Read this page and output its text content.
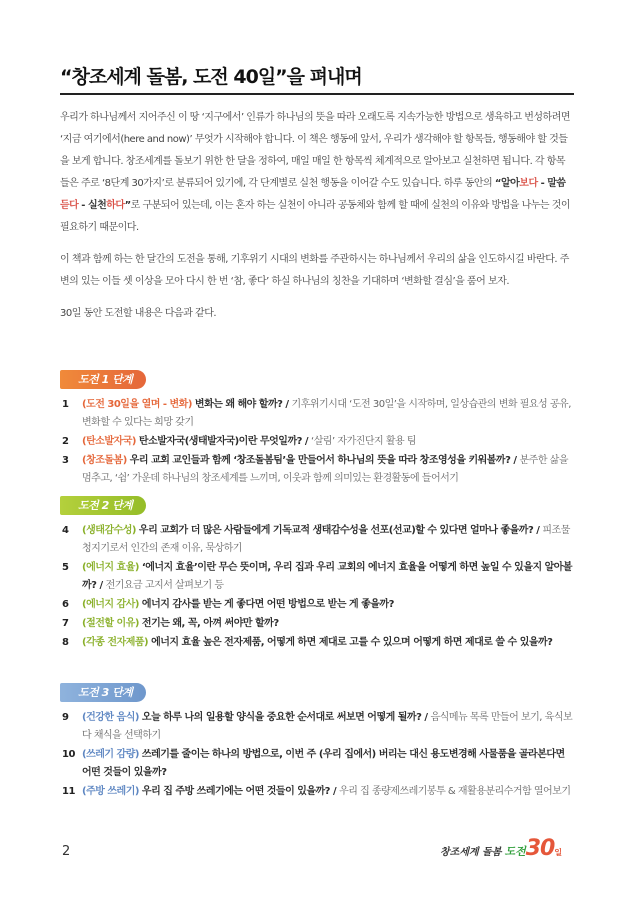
“창조세계 돌봄, 도전 40일”을 펴내며

우리가 하나님께서 지어주신 이 땅 ‘지구에서’ 인류가 하나님의 뜻을 따라 오래도록 지속가능한 방법으로 생육하고 번성하려면 ‘지금 여기에서(here and now)’ 무엇가 시작해야 합니다. 이 책은 행동에 앞서, 우리가 생각해야 할 항목들, 행동해야 할 것들을 보게 합니다. 창조세계를 돌보기 위한 한 달을 정하여, 매일 매일 한 항목씩 체계적으로 알아보고 실천하면 됩니다. 각 항목들은 주로 ‘8단계 30가지’로 분류되어 있기에, 각 단계별로 실천 행동을 이어갈 수도 있습니다. 하루 동안의 “알아보다 - 말씀듣다 - 실천하다”로 구분되어 있는데, 이는 혼자 하는 실천이 아니라 공동체와 함께 할 때에 실천의 이유와 방법을 나누는 것이 필요하기 때문이다.

이 책과 함께 하는 한 달간의 도전을 통해, 기후위기 시대의 변화를 주관하시는 하나님께서 우리의 삶을 인도하시길 바란다. 주변의 있는 이들 셋 이상을 모아 다시 한 번 ‘참, 좋다’ 하실 하나님의 칭찬을 기대하며 ‘변화할 결심’을 품어 보자.

30일 동안 도전할 내용은 다음과 같다.

도전 1 단계
1	(도전 30일을 열며 - 변화) 변화는 왜 해야 할까? / 기후위기시대 ‘도전 30일’을 시작하며, 일상습관의 변화 필요성 공유, 변화할 수 있다는 희망 갖기
2	(탄소발자국) 탄소발자국(생태발자국)이란 무엇일까? / ‘살림’ 자가진단지 활용 팀
3	(창조돌봄) 우리 교회 교인들과 함께 ‘창조돌봄팀’을 만들어서 하나님의 뜻을 따라 창조영성을 키워볼까? / 분주한 삶을 멈추고, ‘쉼’ 가운데 하나님의 창조세계를 느끼며, 이웃과 함께 의미있는 환경활동에 들어서기
도전 2 단계
4	(생태감수성) 우리 교회가 더 많은 사람들에게 기독교적 생태감수성을 선포(선교)할 수 있다면 얼마나 좋을까? / 피조물 청지기로서 인간의 존재 이유, 묵상하기
5	(에너지 효율) ‘에너지 효율’이란 무슨 뜻이며, 우리 집과 우리 교회의 에너지 효율을 어떻게 하면 높일 수 있을지 알아볼까? / 전기요금 고지서 살펴보기 등
6	(에너지 감사) 에너지 감사를 받는 게 좋다면 어떤 방법으로 받는 게 좋을까?
7	(절전할 이유) 전기는 왜, 꼭, 아껴 써야만 할까?
8	(각종 전자제품) 에너지 효율 높은 전자제품, 어떻게 하면 제대로 고를 수 있으며 어떻게 하면 제대로 쓸 수 있을까?
도전 3 단계
9	(건강한 음식) 오늘 하루 나의 일용할 양식을 중요한 순서대로 써보면 어떻게 될까? / 음식메뉴 목록 만들어 보기, 육식보다 채식을 선택하기
10 (쓰레기 감량) 쓰레기를 줄이는 하나의 방법으로, 이번 주 (우리 집에서) 버리는 대신 용도변경해 사물품을 골라본다면 어떤 것들이 있을까?
11 (주방 쓰레기) 우리 집 주방 쓰레기에는 어떤 것들이 있을까? / 우리 집 종량제쓰레기봉투 & 재활용분리수거함 열어보기
2	창조세계 돌봄 도전30일
